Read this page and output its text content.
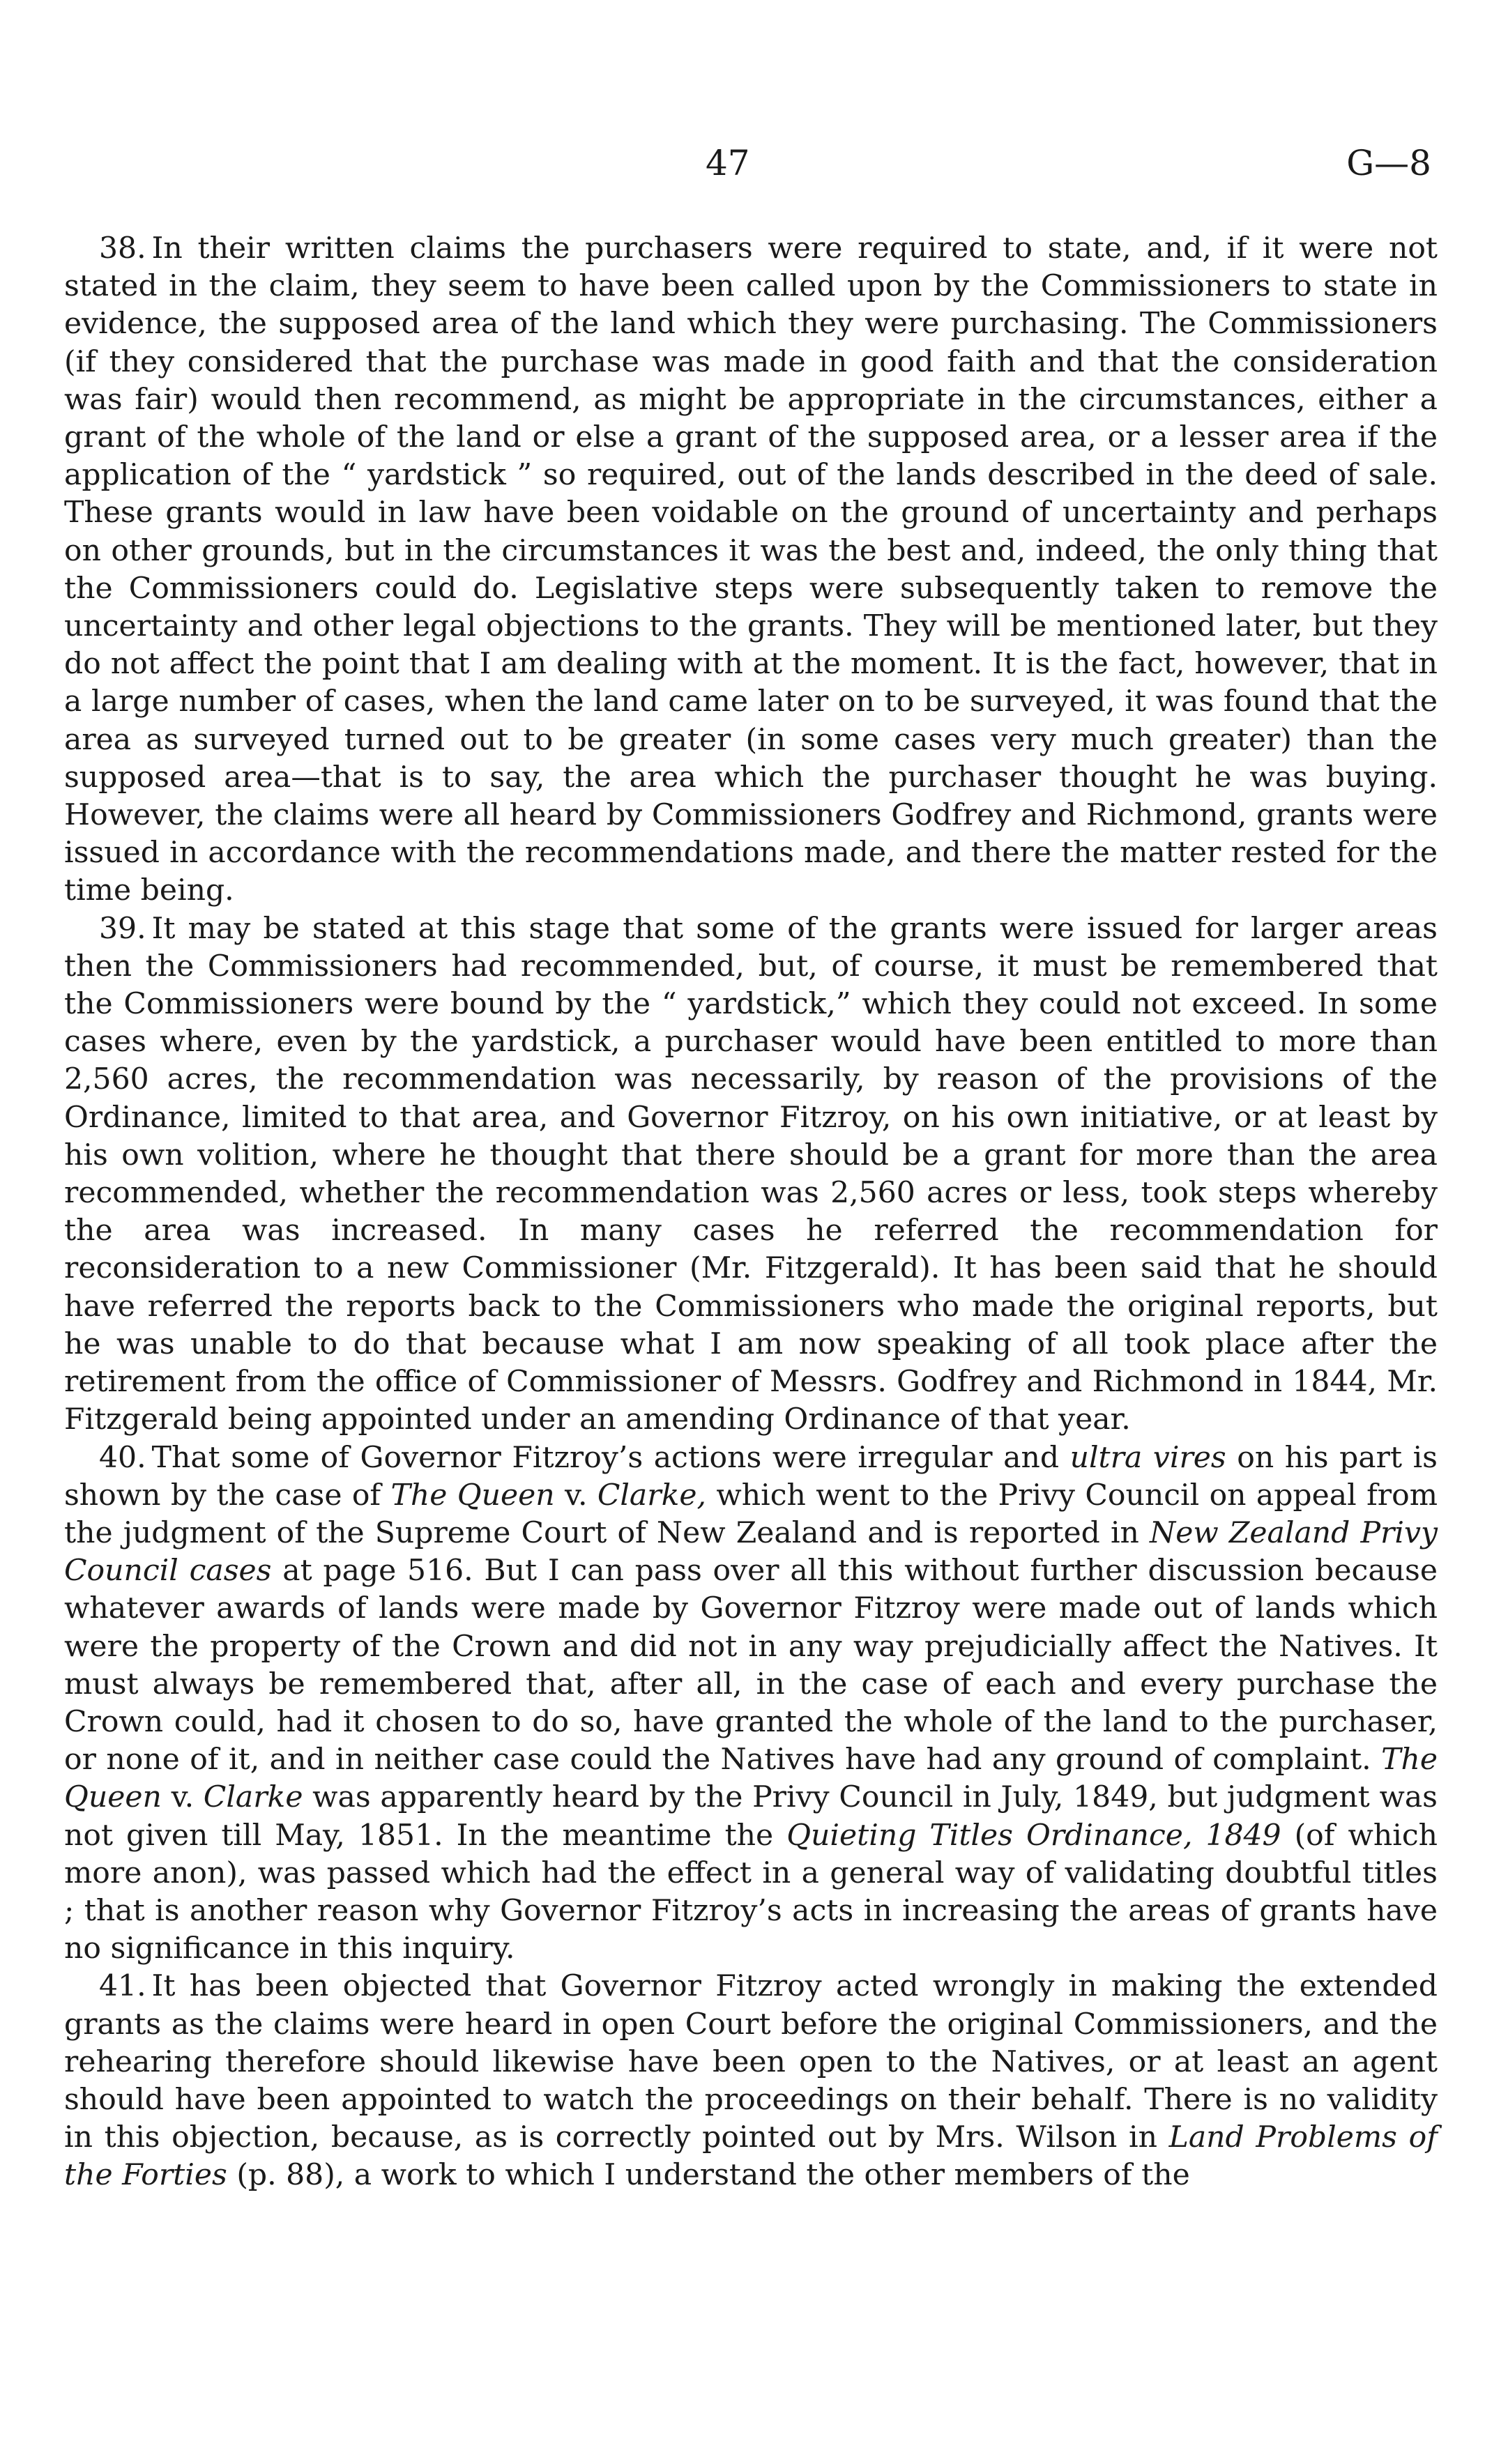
47	G—8

38. In their written claims the purchasers were required to state, and, if it were not stated in the claim, they seem to have been called upon by the Commissioners to state in evidence, the supposed area of the land which they were purchasing. The Commissioners (if they considered that the purchase was made in good faith and that the consideration was fair) would then recommend, as might be appropriate in the circumstances, either a grant of the whole of the land or else a grant of the supposed area, or a lesser area if the application of the “ yardstick ” so required, out of the lands described in the deed of sale. These grants would in law have been voidable on the ground of uncertainty and perhaps on other grounds, but in the circumstances it was the best and, indeed, the only thing that the Commissioners could do. Legislative steps were subsequently taken to remove the uncertainty and other legal objections to the grants. They will be mentioned later, but they do not affect the point that I am dealing with at the moment. It is the fact, however, that in a large number of cases, when the land came later on to be surveyed, it was found that the area as surveyed turned out to be greater (in some cases very much greater) than the supposed area—that is to say, the area which the purchaser thought he was buying. However, the claims were all heard by Commissioners Godfrey and Richmond, grants were issued in accordance with the recommendations made, and there the matter rested for the time being.

39. It may be stated at this stage that some of the grants were issued for larger areas then the Commissioners had recommended, but, of course, it must be remembered that the Commissioners were bound by the “ yardstick,” which they could not exceed. In some cases where, even by the yardstick, a purchaser would have been entitled to more than 2,560 acres, the recommendation was necessarily, by reason of the provisions of the Ordinance, limited to that area, and Governor Fitzroy, on his own initiative, or at least by his own volition, where he thought that there should be a grant for more than the area recommended, whether the recommendation was 2,560 acres or less, took steps whereby the area was increased. In many cases he referred the recommendation for reconsideration to a new Commissioner (Mr. Fitzgerald). It has been said that he should have referred the reports back to the Commissioners who made the original reports, but he was unable to do that because what I am now speaking of all took place after the retirement from the office of Commissioner of Messrs. Godfrey and Richmond in 1844, Mr. Fitzgerald being appointed under an amending Ordinance of that year.

40. That some of Governor Fitzroy’s actions were irregular and ultra vires on his part is shown by the case of The Queen v. Clarke, which went to the Privy Council on appeal from the judgment of the Supreme Court of New Zealand and is reported in New Zealand Privy Council cases at page 516. But I can pass over all this without further discussion because whatever awards of lands were made by Governor Fitzroy were made out of lands which were the property of the Crown and did not in any way prejudicially affect the Natives. It must always be remembered that, after all, in the case of each and every purchase the Crown could, had it chosen to do so, have granted the whole of the land to the purchaser, or none of it, and in neither case could the Natives have had any ground of complaint. The Queen v. Clarke was apparently heard by the Privy Council in July, 1849, but judgment was not given till May, 1851. In the meantime the Quieting Titles Ordinance, 1849 (of which more anon), was passed which had the effect in a general way of validating doubtful titles ; that is another reason why Governor Fitzroy’s acts in increasing the areas of grants have no significance in this inquiry.

41. It has been objected that Governor Fitzroy acted wrongly in making the extended grants as the claims were heard in open Court before the original Commissioners, and the rehearing therefore should likewise have been open to the Natives, or at least an agent should have been appointed to watch the proceedings on their behalf. There is no validity in this objection, because, as is correctly pointed out by Mrs. Wilson in Land Problems of the Forties (p. 88), a work to which I understand the other members of the
